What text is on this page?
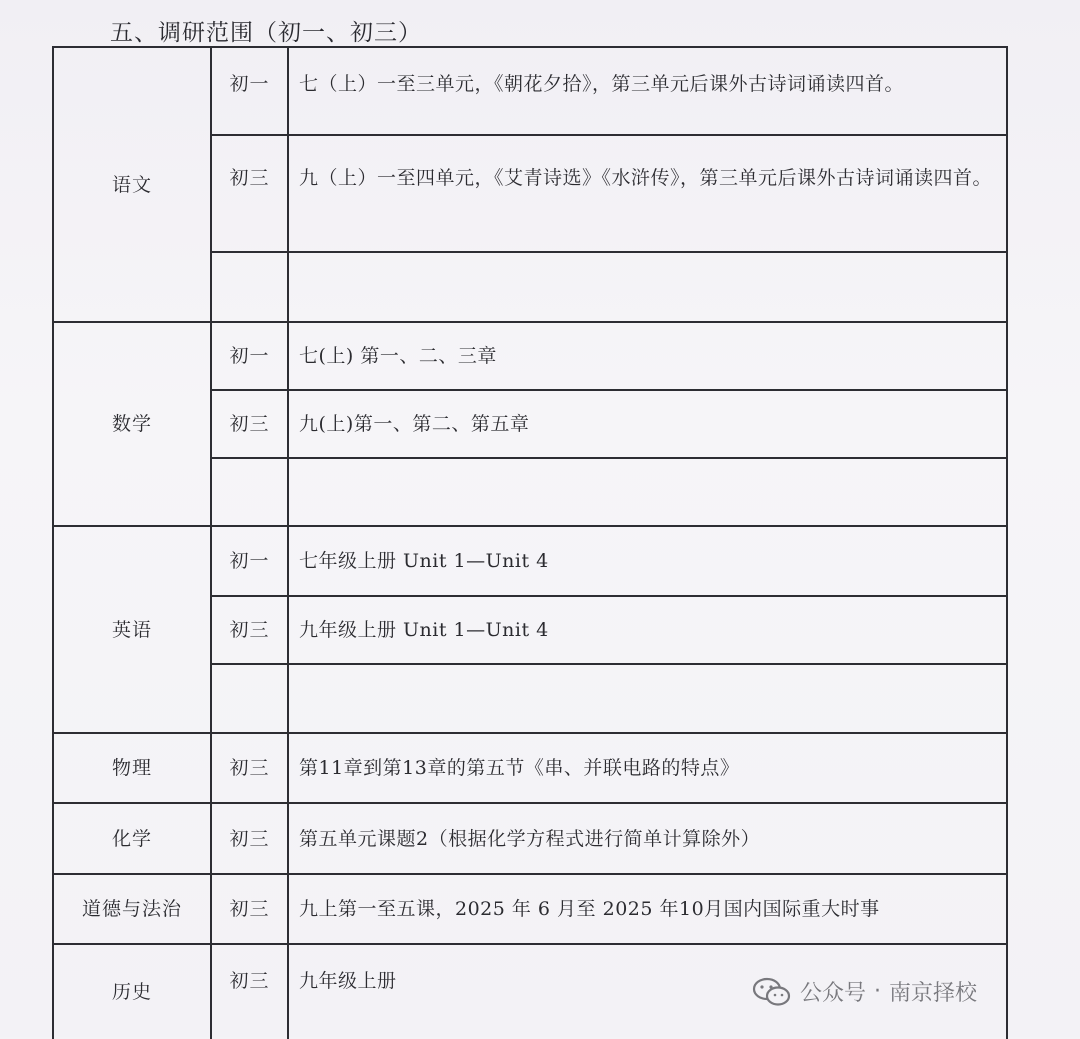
五、调研范围（初一、初三）
语文
初一	七（上）一至三单元，《朝花夕拾》，第三单元后课外古诗词诵读四首。
初三	九（上）一至四单元，《艾青诗选》《水浒传》，第三单元后课外古诗词诵读四首。
数学
初一	七(上) 第一、二、三章
初三	九(上)第一、第二、第五章
英语
初一	七年级上册 Unit 1—Unit 4
初三	九年级上册 Unit 1—Unit 4
物理	初三	第11章到第13章的第五节《串、并联电路的特点》
化学	初三	第五单元课题2（根据化学方程式进行简单计算除外）
道德与法治	初三	九上第一至五课，2025 年 6 月至 2025 年10月国内国际重大时事
历史	初三	九年级上册	公众号 · 南京择校
